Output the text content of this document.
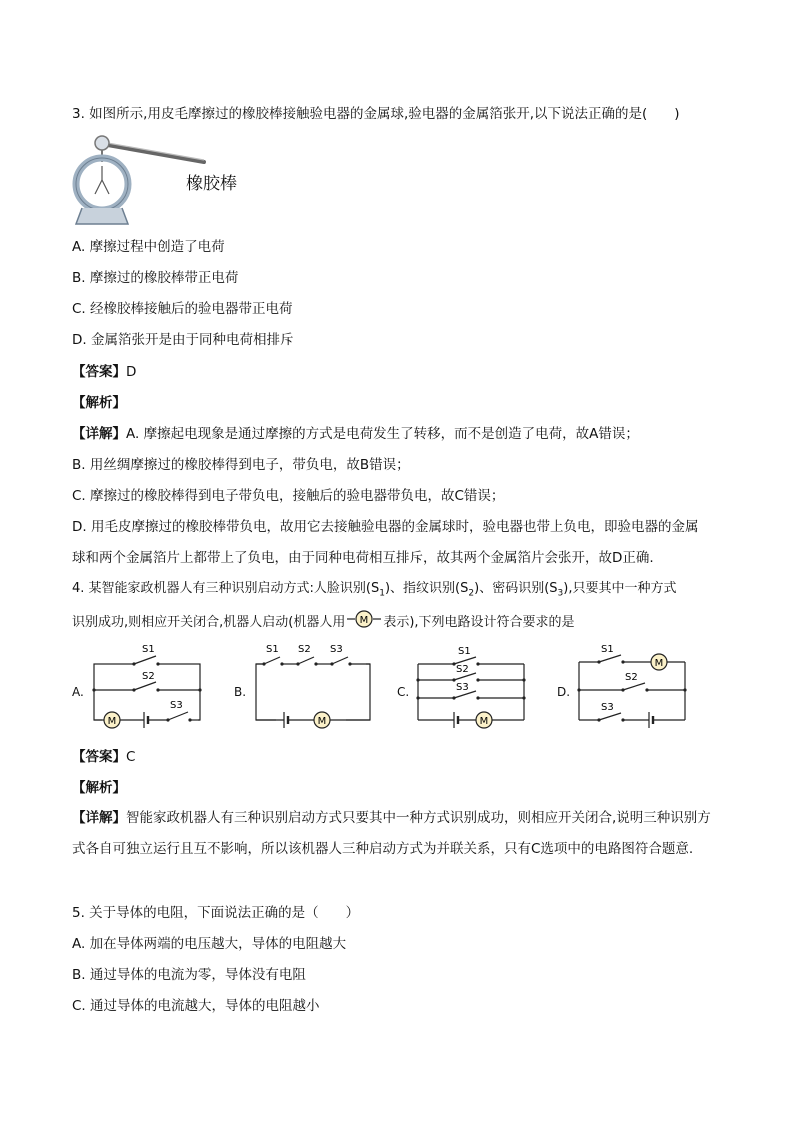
3. 如图所示,用皮毛摩擦过的橡胶棒接触验电器的金属球,验电器的金属箔张开,以下说法正确的是(　　)
橡胶棒
A. 摩擦过程中创造了电荷
B. 摩擦过的橡胶棒带正电荷
C. 经橡胶棒接触后的验电器带正电荷
D. 金属箔张开是由于同种电荷相排斥
【答案】D
【解析】
【详解】A. 摩擦起电现象是通过摩擦的方式是电荷发生了转移，而不是创造了电荷，故A错误；
B. 用丝绸摩擦过的橡胶棒得到电子，带负电，故B错误；
C. 摩擦过的橡胶棒得到电子带负电，接触后的验电器带负电，故C错误；
D. 用毛皮摩擦过的橡胶棒带负电，故用它去接触验电器的金属球时，验电器也带上负电，即验电器的金属
球和两个金属箔片上都带上了负电，由于同种电荷相互排斥，故其两个金属箔片会张开，故D正确.
4. 某智能家政机器人有三种识别启动方式:人脸识别$(S_1)$、指纹识别$(S_2)$、密码识别$(S_3)$,只要其中一种方式
识别成功,则相应开关闭合,机器人启动(机器人用 M 表示),下列电路设计符合要求的是
A.
S1
S2
M
S3
B.
S1 S2 S3
M
C.
S1
S2
S3
M
D.
M
S1
S2
S3
【答案】C
【解析】
【详解】智能家政机器人有三种识别启动方式只要其中一种方式识别成功，则相应开关闭合,说明三种识别方式各自可独立运行且互不影响，所以该机器人三种启动方式为并联关系，只有C选项中的电路图符合题意.
5. 关于导体的电阻，下面说法正确的是（　　）
A. 加在导体两端的电压越大，导体的电阻越大
B. 通过导体的电流为零，导体没有电阻
C. 通过导体的电流越大，导体的电阻越小
